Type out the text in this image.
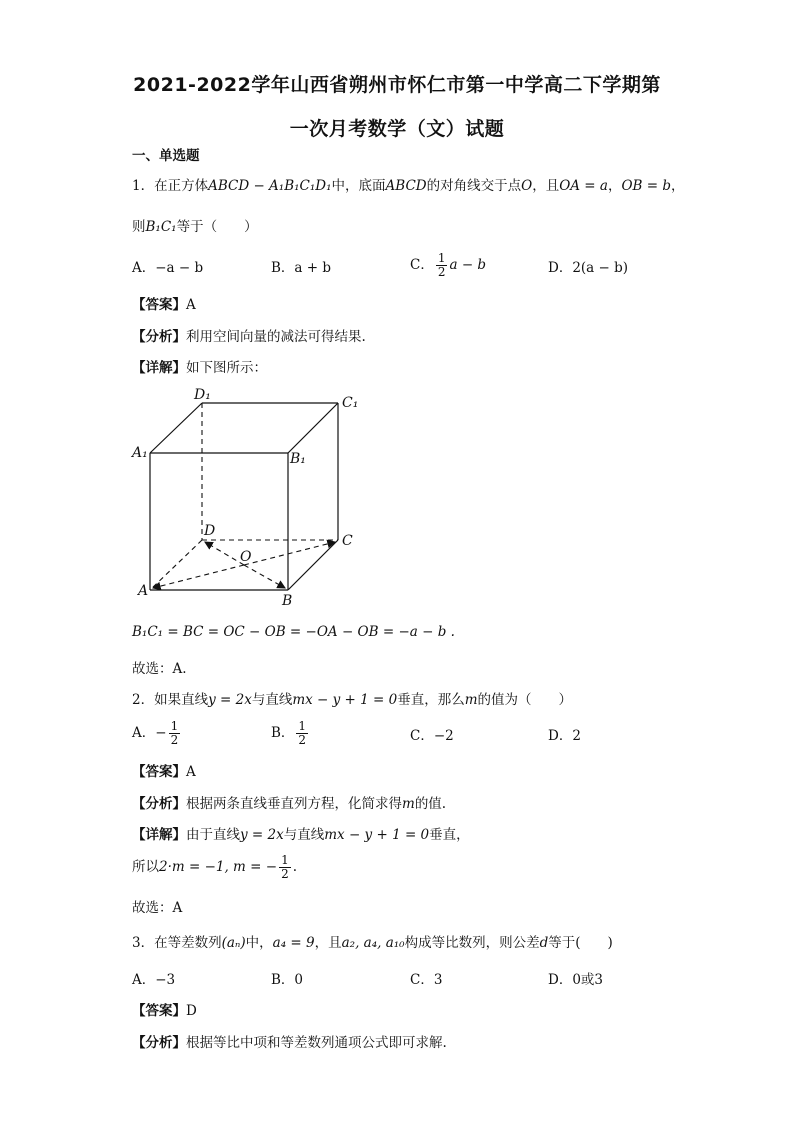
2021-2022学年山西省朔州市怀仁市第一中学高二下学期第
一次月考数学（文）试题
一、单选题
1．在正方体ABCD − A₁B₁C₁D₁中，底面ABCD的对角线交于点O，且OA = a，OB = b，
则B₁C₁等于（　　）
A．−a − b	B．a + b	C． $\frac{1}{2}$ a − b	D．2(a − b)
【答案】A
【分析】利用空间向量的减法可得结果.
【详解】如下图所示：
D₁	C₁
A₁	B₁
D
C
O
A
B
B₁C₁ = BC = OC − OB = −OA − OB = −a − b .
故选：A.
2．如果直线y = 2x与直线mx − y + 1 = 0垂直，那么m的值为（　　）
A．− $\frac{1}{2}$	B． $\frac{1}{2}$	C．−2	D．2
【答案】A
【分析】根据两条直线垂直列方程，化简求得m的值.
【详解】由于直线y = 2x与直线mx − y + 1 = 0垂直，
所以2·m = −1, m = − $\frac{1}{2}$ .
故选：A
3．在等差数列(aₙ)中，a₄ = 9，且a₂, a₄, a₁₀构成等比数列，则公差d等于(　　)
A．−3	B．0	C．3	D．0或3
【答案】D
【分析】根据等比中项和等差数列通项公式即可求解.
